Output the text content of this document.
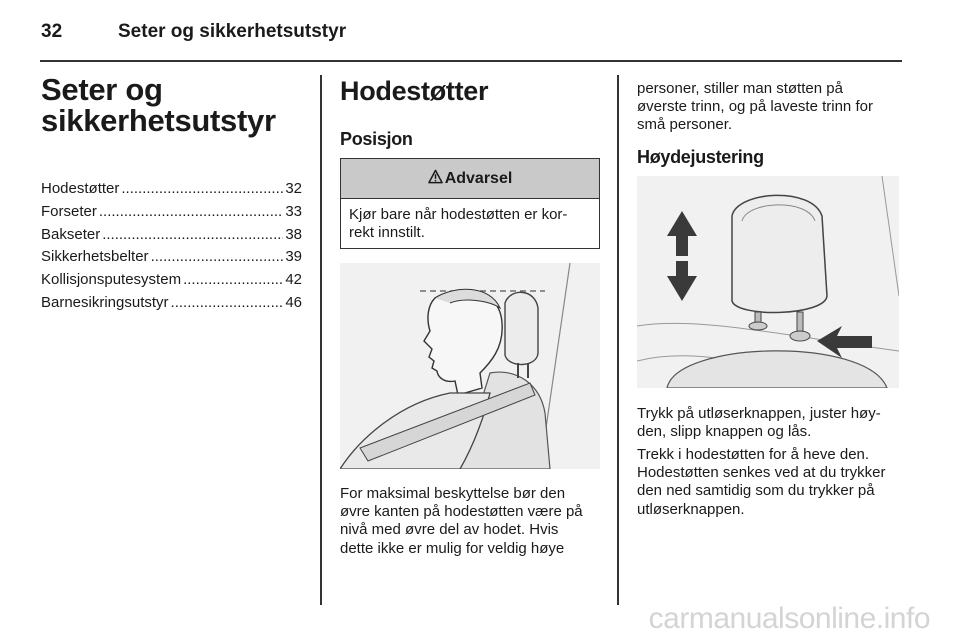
32	Seter og sikkerhetsutstyr
Seter og
sikkerhetsutstyr
Hodestøtter .....	32
Forseter .....	33
Bakseter .....	38
Sikkerhetsbelter .....	39
Kollisjonsputesystem .....	42
Barnesikringsutstyr .....	46
Hodestøtter
Posisjon
Advarsel
Kjør bare når hodestøtten er kor-
rekt innstilt.
For maksimal beskyttelse bør den
øvre kanten på hodestøtten være på
nivå med øvre del av hodet. Hvis
dette ikke er mulig for veldig høye
personer, stiller man støtten på
øverste trinn, og på laveste trinn for
små personer.
Høydejustering
Trykk på utløserknappen, juster høy-
den, slipp knappen og lås.
Trekk i hodestøtten for å heve den.
Hodestøtten senkes ved at du trykker
den ned samtidig som du trykker på
utløserknappen.
carmanualsonline.info
